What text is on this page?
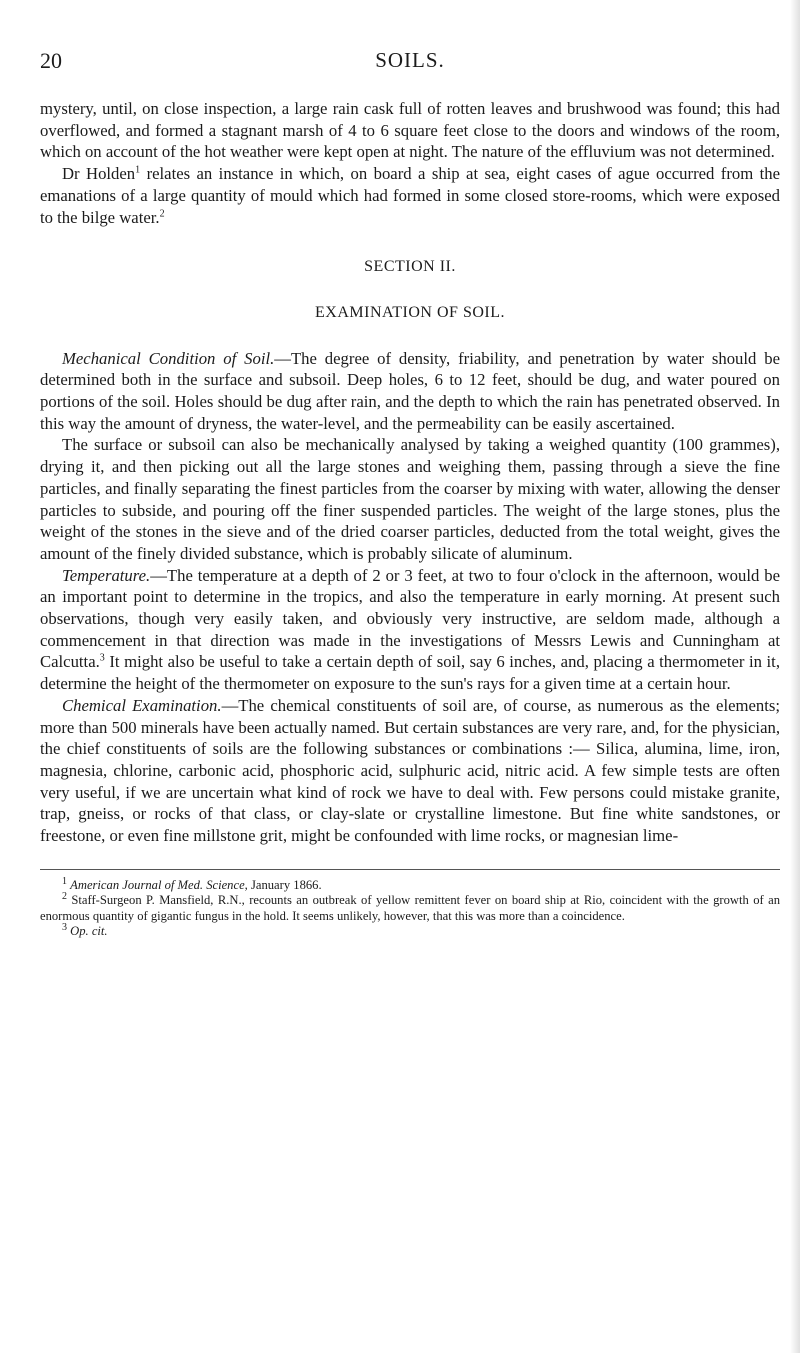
20	SOILS.

mystery, until, on close inspection, a large rain cask full of rotten leaves and brushwood was found; this had overflowed, and formed a stagnant marsh of 4 to 6 square feet close to the doors and windows of the room, which on account of the hot weather were kept open at night. The nature of the effluvium was not determined.

Dr Holden$^1$ relates an instance in which, on board a ship at sea, eight cases of ague occurred from the emanations of a large quantity of mould which had formed in some closed store-rooms, which were exposed to the bilge water.$^2$

SECTION II.
EXAMINATION OF SOIL.

Mechanical Condition of Soil.—The degree of density, friability, and penetration by water should be determined both in the surface and subsoil. Deep holes, 6 to 12 feet, should be dug, and water poured on portions of the soil. Holes should be dug after rain, and the depth to which the rain has penetrated observed. In this way the amount of dryness, the water-level, and the permeability can be easily ascertained.

The surface or subsoil can also be mechanically analysed by taking a weighed quantity (100 grammes), drying it, and then picking out all the large stones and weighing them, passing through a sieve the fine particles, and finally separating the finest particles from the coarser by mixing with water, allowing the denser particles to subside, and pouring off the finer suspended particles. The weight of the large stones, plus the weight of the stones in the sieve and of the dried coarser particles, deducted from the total weight, gives the amount of the finely divided substance, which is probably silicate of aluminum.

Temperature.—The temperature at a depth of 2 or 3 feet, at two to four o'clock in the afternoon, would be an important point to determine in the tropics, and also the temperature in early morning. At present such observations, though very easily taken, and obviously very instructive, are seldom made, although a commencement in that direction was made in the investigations of Messrs Lewis and Cunningham at Calcutta.$^3$ It might also be useful to take a certain depth of soil, say 6 inches, and, placing a thermometer in it, determine the height of the thermometer on exposure to the sun's rays for a given time at a certain hour.

Chemical Examination.—The chemical constituents of soil are, of course, as numerous as the elements; more than 500 minerals have been actually named. But certain substances are very rare, and, for the physician, the chief constituents of soils are the following substances or combinations :— Silica, alumina, lime, iron, magnesia, chlorine, carbonic acid, phosphoric acid, sulphuric acid, nitric acid. A few simple tests are often very useful, if we are uncertain what kind of rock we have to deal with. Few persons could mistake granite, trap, gneiss, or rocks of that class, or clay-slate or crystalline limestone. But fine white sandstones, or freestone, or even fine millstone grit, might be confounded with lime rocks, or magnesian lime-

$^1$ American Journal of Med. Science, January 1866.

$^2$ Staff-Surgeon P. Mansfield, R.N., recounts an outbreak of yellow remittent fever on board ship at Rio, coincident with the growth of an enormous quantity of gigantic fungus in the hold. It seems unlikely, however, that this was more than a coincidence.

$^3$ Op. cit.
